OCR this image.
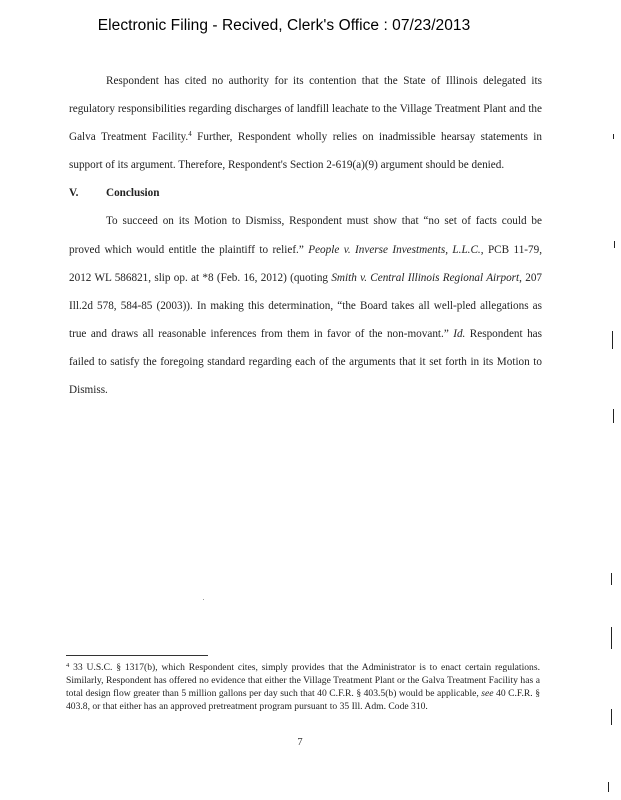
Electronic Filing - Recived, Clerk's Office : 07/23/2013

Respondent has cited no authority for its contention that the State of Illinois delegated its regulatory responsibilities regarding discharges of landfill leachate to the Village Treatment Plant and the Galva Treatment Facility.$^4$ Further, Respondent wholly relies on inadmissible hearsay statements in support of its argument. Therefore, Respondent's Section 2-619(a)(9) argument should be denied.

V. Conclusion

To succeed on its Motion to Dismiss, Respondent must show that “no set of facts could be proved which would entitle the plaintiff to relief.” People v. Inverse Investments, L.L.C., PCB 11-79, 2012 WL 586821, slip op. at *8 (Feb. 16, 2012) (quoting Smith v. Central Illinois Regional Airport, 207 Ill.2d 578, 584-85 (2003)). In making this determination, “the Board takes all well-pled allegations as true and draws all reasonable inferences from them in favor of the non-movant.” Id. Respondent has failed to satisfy the foregoing standard regarding each of the arguments that it set forth in its Motion to Dismiss.

$^4$ 33 U.S.C. § 1317(b), which Respondent cites, simply provides that the Administrator is to enact certain regulations. Similarly, Respondent has offered no evidence that either the Village Treatment Plant or the Galva Treatment Facility has a total design flow greater than 5 million gallons per day such that 40 C.F.R. § 403.5(b) would be applicable, see 40 C.F.R. § 403.8, or that either has an approved pretreatment program pursuant to 35 Ill. Adm. Code 310.

7
